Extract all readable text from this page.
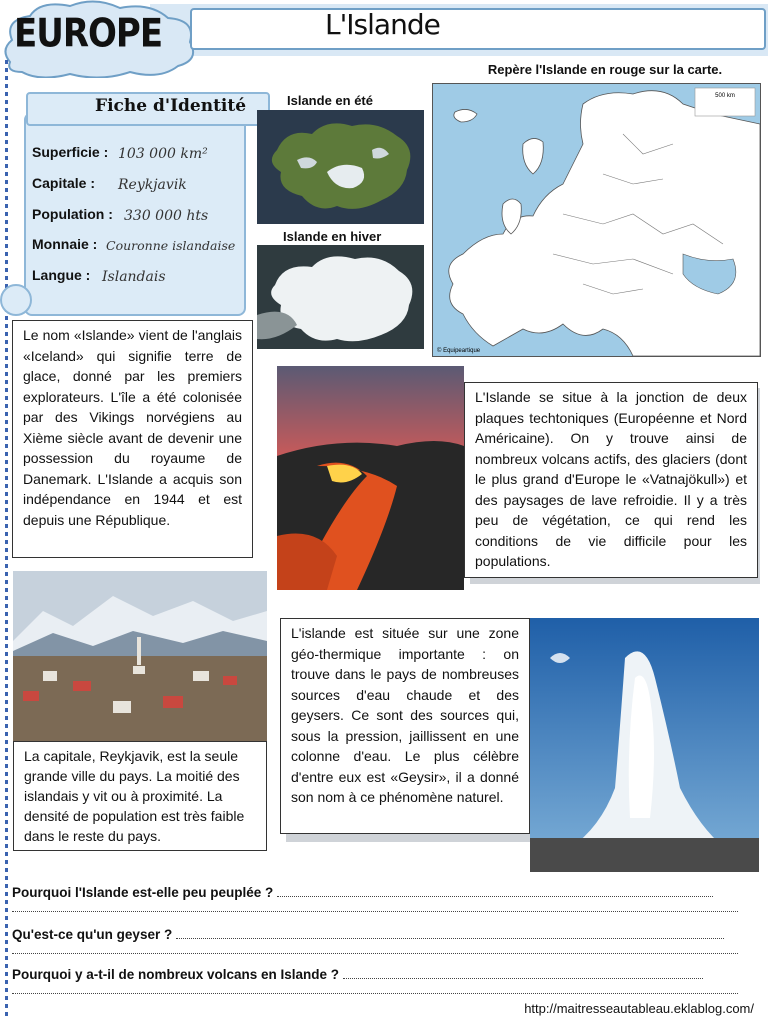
EUROPE	L'Islande
Fiche d'Identité
Superficie : 103 000 km²
Capitale : Reykjavik
Population : 330 000 hts
Monnaie : Couronne islandaise
Langue : Islandais
Islande en été
Islande en hiver
Repère l'Islande en rouge sur la carte.
500 km
© Equipeartique
Le nom «Islande» vient de l'anglais «Iceland» qui signifie terre de glace, donné par les premiers explorateurs. L'île a été colonisée par des Vikings norvégiens au Xième siècle avant de devenir une possession du royaume de Danemark. L'Islande a acquis son indépendance en 1944 et est depuis une République.
L'Islande se situe à la jonction de deux plaques techtoniques (Européenne et Nord Américaine). On y trouve ainsi de nombreux volcans actifs, des glaciers (dont le plus grand d'Europe le «Vatnajökull») et des paysages de lave refroidie. Il y a très peu de végétation, ce qui rend les conditions de vie difficile pour les populations.
La capitale, Reykjavik, est la seule grande ville du pays. La moitié des islandais y vit ou à proximité. La densité de population est très faible dans le reste du pays.
L'islande est située sur une zone géo-thermique importante : on trouve dans le pays de nombreuses sources d'eau chaude et des geysers. Ce sont des sources qui, sous la pression, jaillissent en une colonne d'eau. Le plus célèbre d'entre eux est «Geysir», il a donné son nom à ce phénomène naturel.
Pourquoi l'Islande est-elle peu peuplée ?
Qu'est-ce qu'un geyser ?
Pourquoi y a-t-il de nombreux volcans en Islande ?
http://maitresseautableau.eklablog.com/
